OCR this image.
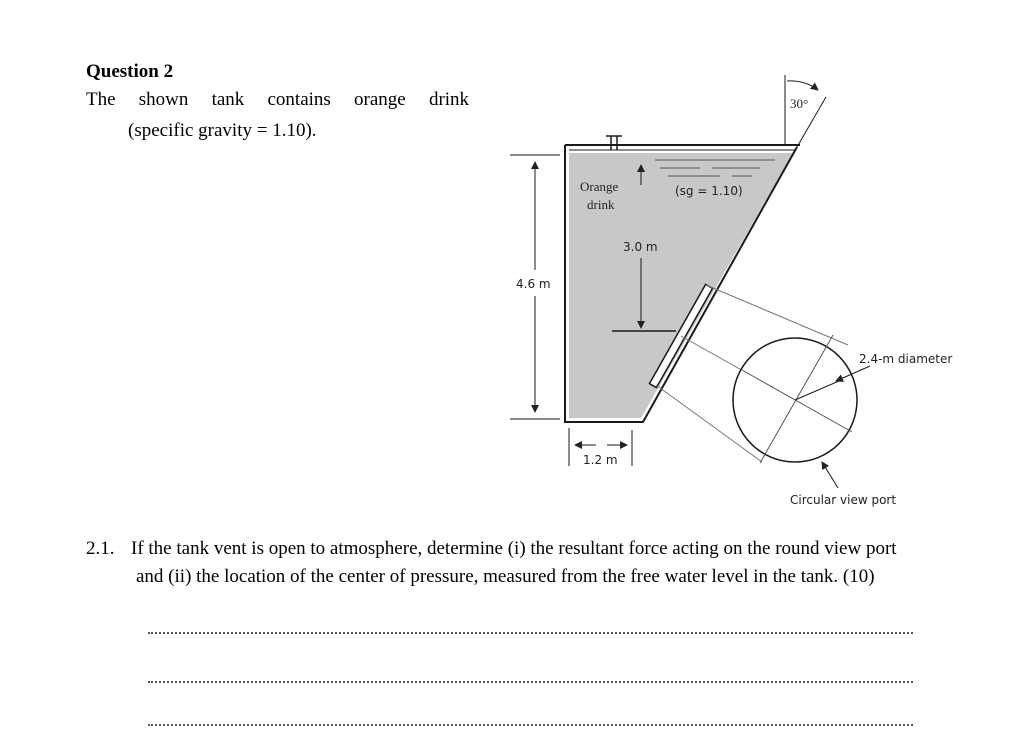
Question 2
The shown tank contains orange drink
(specific gravity = 1.10).
30°
Orange
drink
(sg = 1.10)
3.0 m
4.6 m
1.2 m
2.4-m diameter
Circular view port
2.1. If the tank vent is open to atmosphere, determine (i) the resultant force acting on the round view port
and (ii) the location of the center of pressure, measured from the free water level in the tank. (10)
